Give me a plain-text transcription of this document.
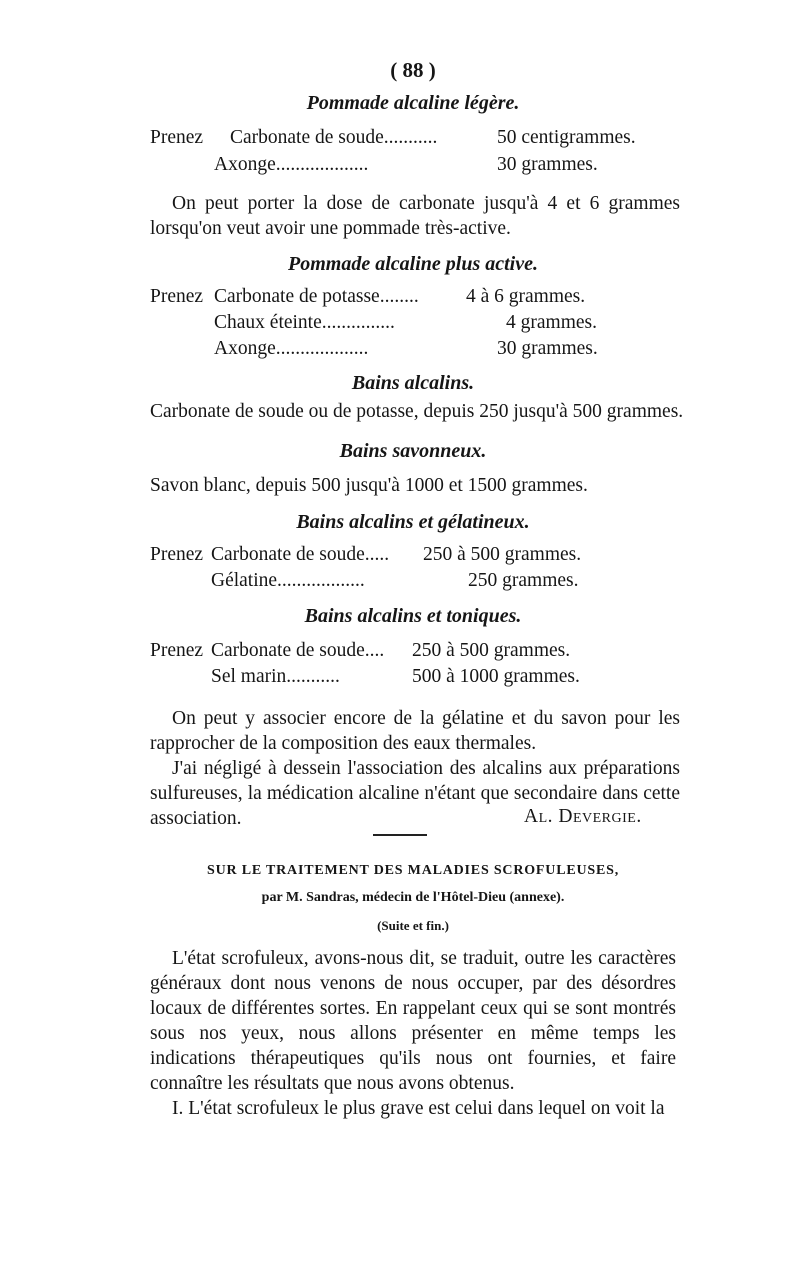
( 88 )
Pommade alcaline légère.
Prenez Carbonate de soude...........	50 centigrammes.
Axonge...................	30 grammes.

On peut porter la dose de carbonate jusqu'à 4 et 6 grammes lorsqu'on veut avoir une pommade très-active.

Pommade alcaline plus active.
Prenez Carbonate de potasse........ 4 à 6 grammes.
Chaux éteinte...............	4 grammes.
Axonge...................	30 grammes.
Bains alcalins.
Carbonate de soude ou de potasse, depuis 250 jusqu'à 500 grammes.
Bains savonneux.
Savon blanc, depuis 500 jusqu'à 1000 et 1500 grammes.
Bains alcalins et gélatineux.
Prenez Carbonate de soude..... 250 à 500 grammes.
Gélatine..................	250 grammes.
Bains alcalins et toniques.
Prenez Carbonate de soude.... 250 à 500 grammes.
Sel marin...........	500 à 1000 grammes.

On peut y associer encore de la gélatine et du savon pour les rapprocher de la composition des eaux thermales.

J'ai négligé à dessein l'association des alcalins aux préparations sulfureuses, la médication alcaline n'étant que secondaire dans cette association.	Al. Devergie.
SUR LE TRAITEMENT DES MALADIES SCROFULEUSES,
par M. Sandras, médecin de l'Hôtel-Dieu (annexe).
(Suite et fin.)

L'état scrofuleux, avons-nous dit, se traduit, outre les caractères généraux dont nous venons de nous occuper, par des désordres locaux de différentes sortes. En rappelant ceux qui se sont montrés sous nos yeux, nous allons présenter en même temps les indications thérapeutiques qu'ils nous ont fournies, et faire connaître les résultats que nous avons obtenus.

I. L'état scrofuleux le plus grave est celui dans lequel on voit la
